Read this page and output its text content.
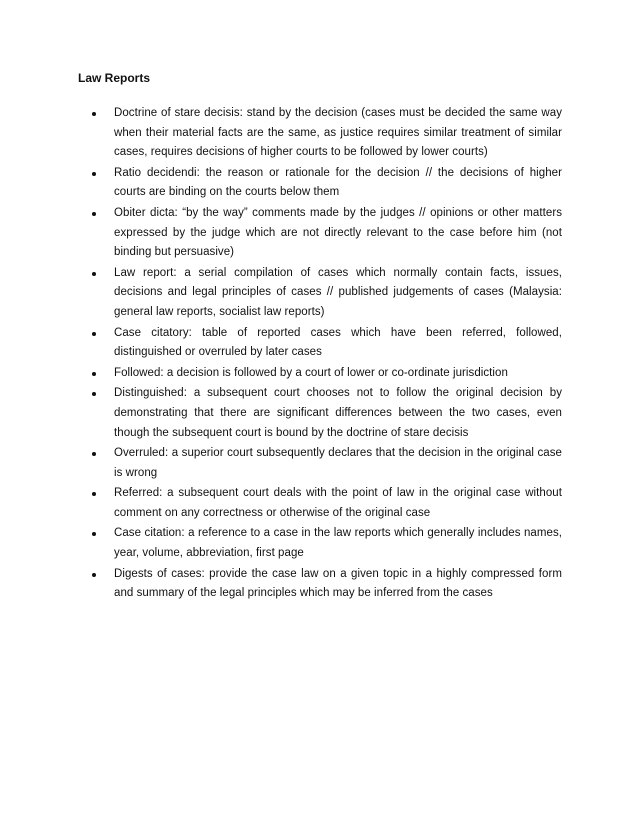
Law Reports

Doctrine of stare decisis: stand by the decision (cases must be decided the same way when their material facts are the same, as justice requires similar treatment of similar cases, requires decisions of higher courts to be followed by lower courts)
Ratio decidendi: the reason or rationale for the decision // the decisions of higher courts are binding on the courts below them
Obiter dicta: “by the way” comments made by the judges // opinions or other matters expressed by the judge which are not directly relevant to the case before him (not binding but persuasive)
Law report: a serial compilation of cases which normally contain facts, issues, decisions and legal principles of cases // published judgements of cases (Malaysia: general law reports, socialist law reports)
Case citatory: table of reported cases which have been referred, followed, distinguished or overruled by later cases
Followed: a decision is followed by a court of lower or co-ordinate jurisdiction
Distinguished: a subsequent court chooses not to follow the original decision by demonstrating that there are significant differences between the two cases, even though the subsequent court is bound by the doctrine of stare decisis
Overruled: a superior court subsequently declares that the decision in the original case is wrong
Referred: a subsequent court deals with the point of law in the original case without comment on any correctness or otherwise of the original case
Case citation: a reference to a case in the law reports which generally includes names, year, volume, abbreviation, first page
Digests of cases: provide the case law on a given topic in a highly compressed form and summary of the legal principles which may be inferred from the cases
